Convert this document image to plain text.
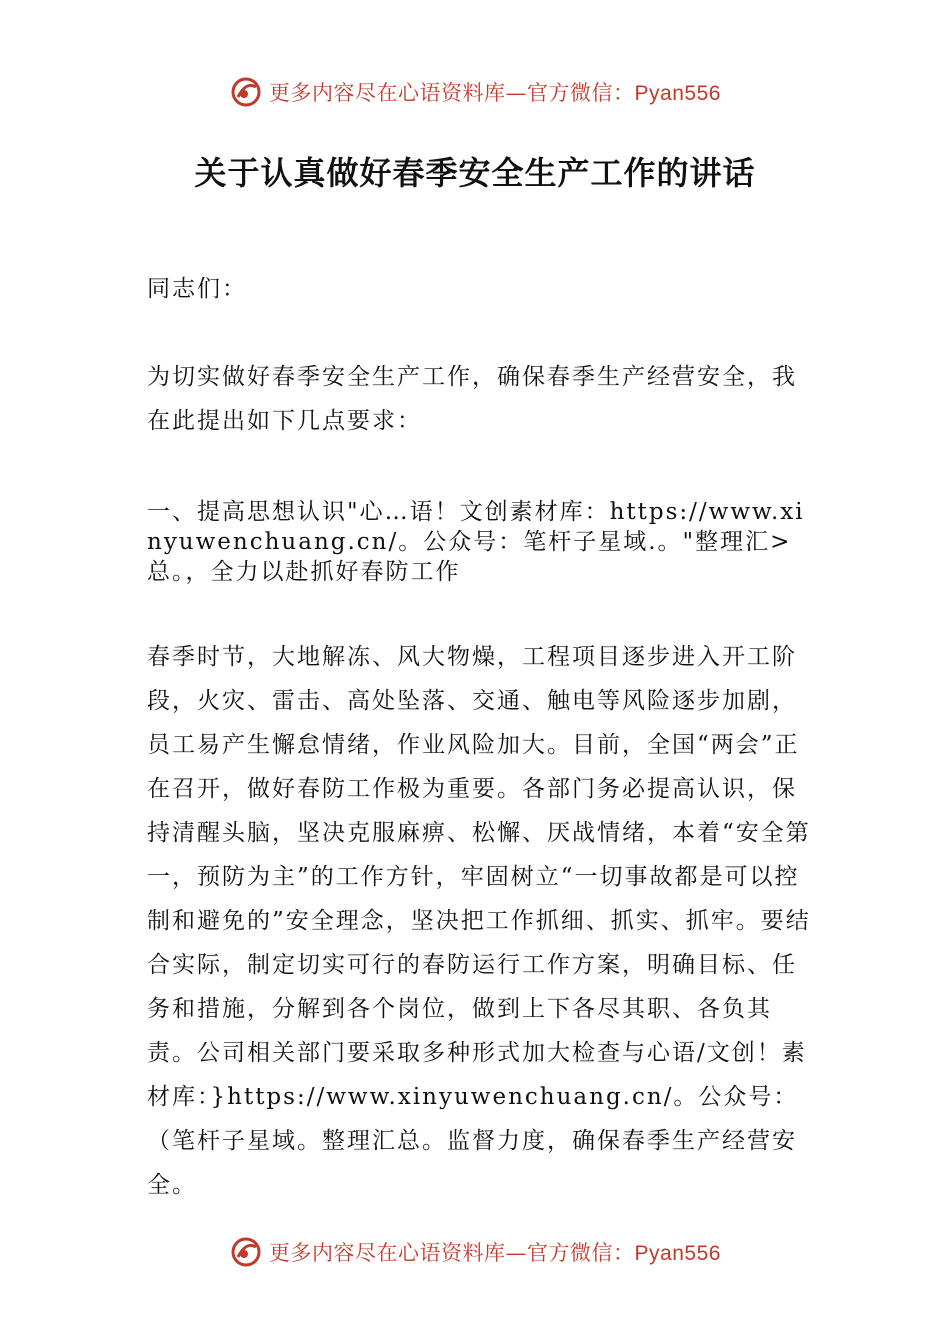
更多内容尽在心语资料库—官方微信：Pyan556
关于认真做好春季安全生产工作的讲话

同志们：

为切实做好春季安全生产工作，确保春季生产经营安全，我在此提出如下几点要求：

一、提高思想认识"心…语！文创素材库：https://www.xinyuwenchuang.cn/。公众号：笔杆子星域.。"整理汇>总。，全力以赴抓好春防工作

春季时节，大地解冻、风大物燥，工程项目逐步进入开工阶段，火灾、雷击、高处坠落、交通、触电等风险逐步加剧，员工易产生懈怠情绪，作业风险加大。目前，全国“两会”正在召开，做好春防工作极为重要。各部门务必提高认识，保持清醒头脑，坚决克服麻痹、松懈、厌战情绪，本着“安全第一，预防为主”的工作方针，牢固树立“一切事故都是可以控制和避免的”安全理念，坚决把工作抓细、抓实、抓牢。要结合实际，制定切实可行的春防运行工作方案，明确目标、任务和措施，分解到各个岗位，做到上下各尽其职、各负其责。公司相关部门要采取多种形式加大检查与心语/文创！素材库：}https://www.xinyuwenchuang.cn/。公众号：（笔杆子星域。整理汇总。监督力度，确保春季生产经营安全。

更多内容尽在心语资料库—官方微信：Pyan556
